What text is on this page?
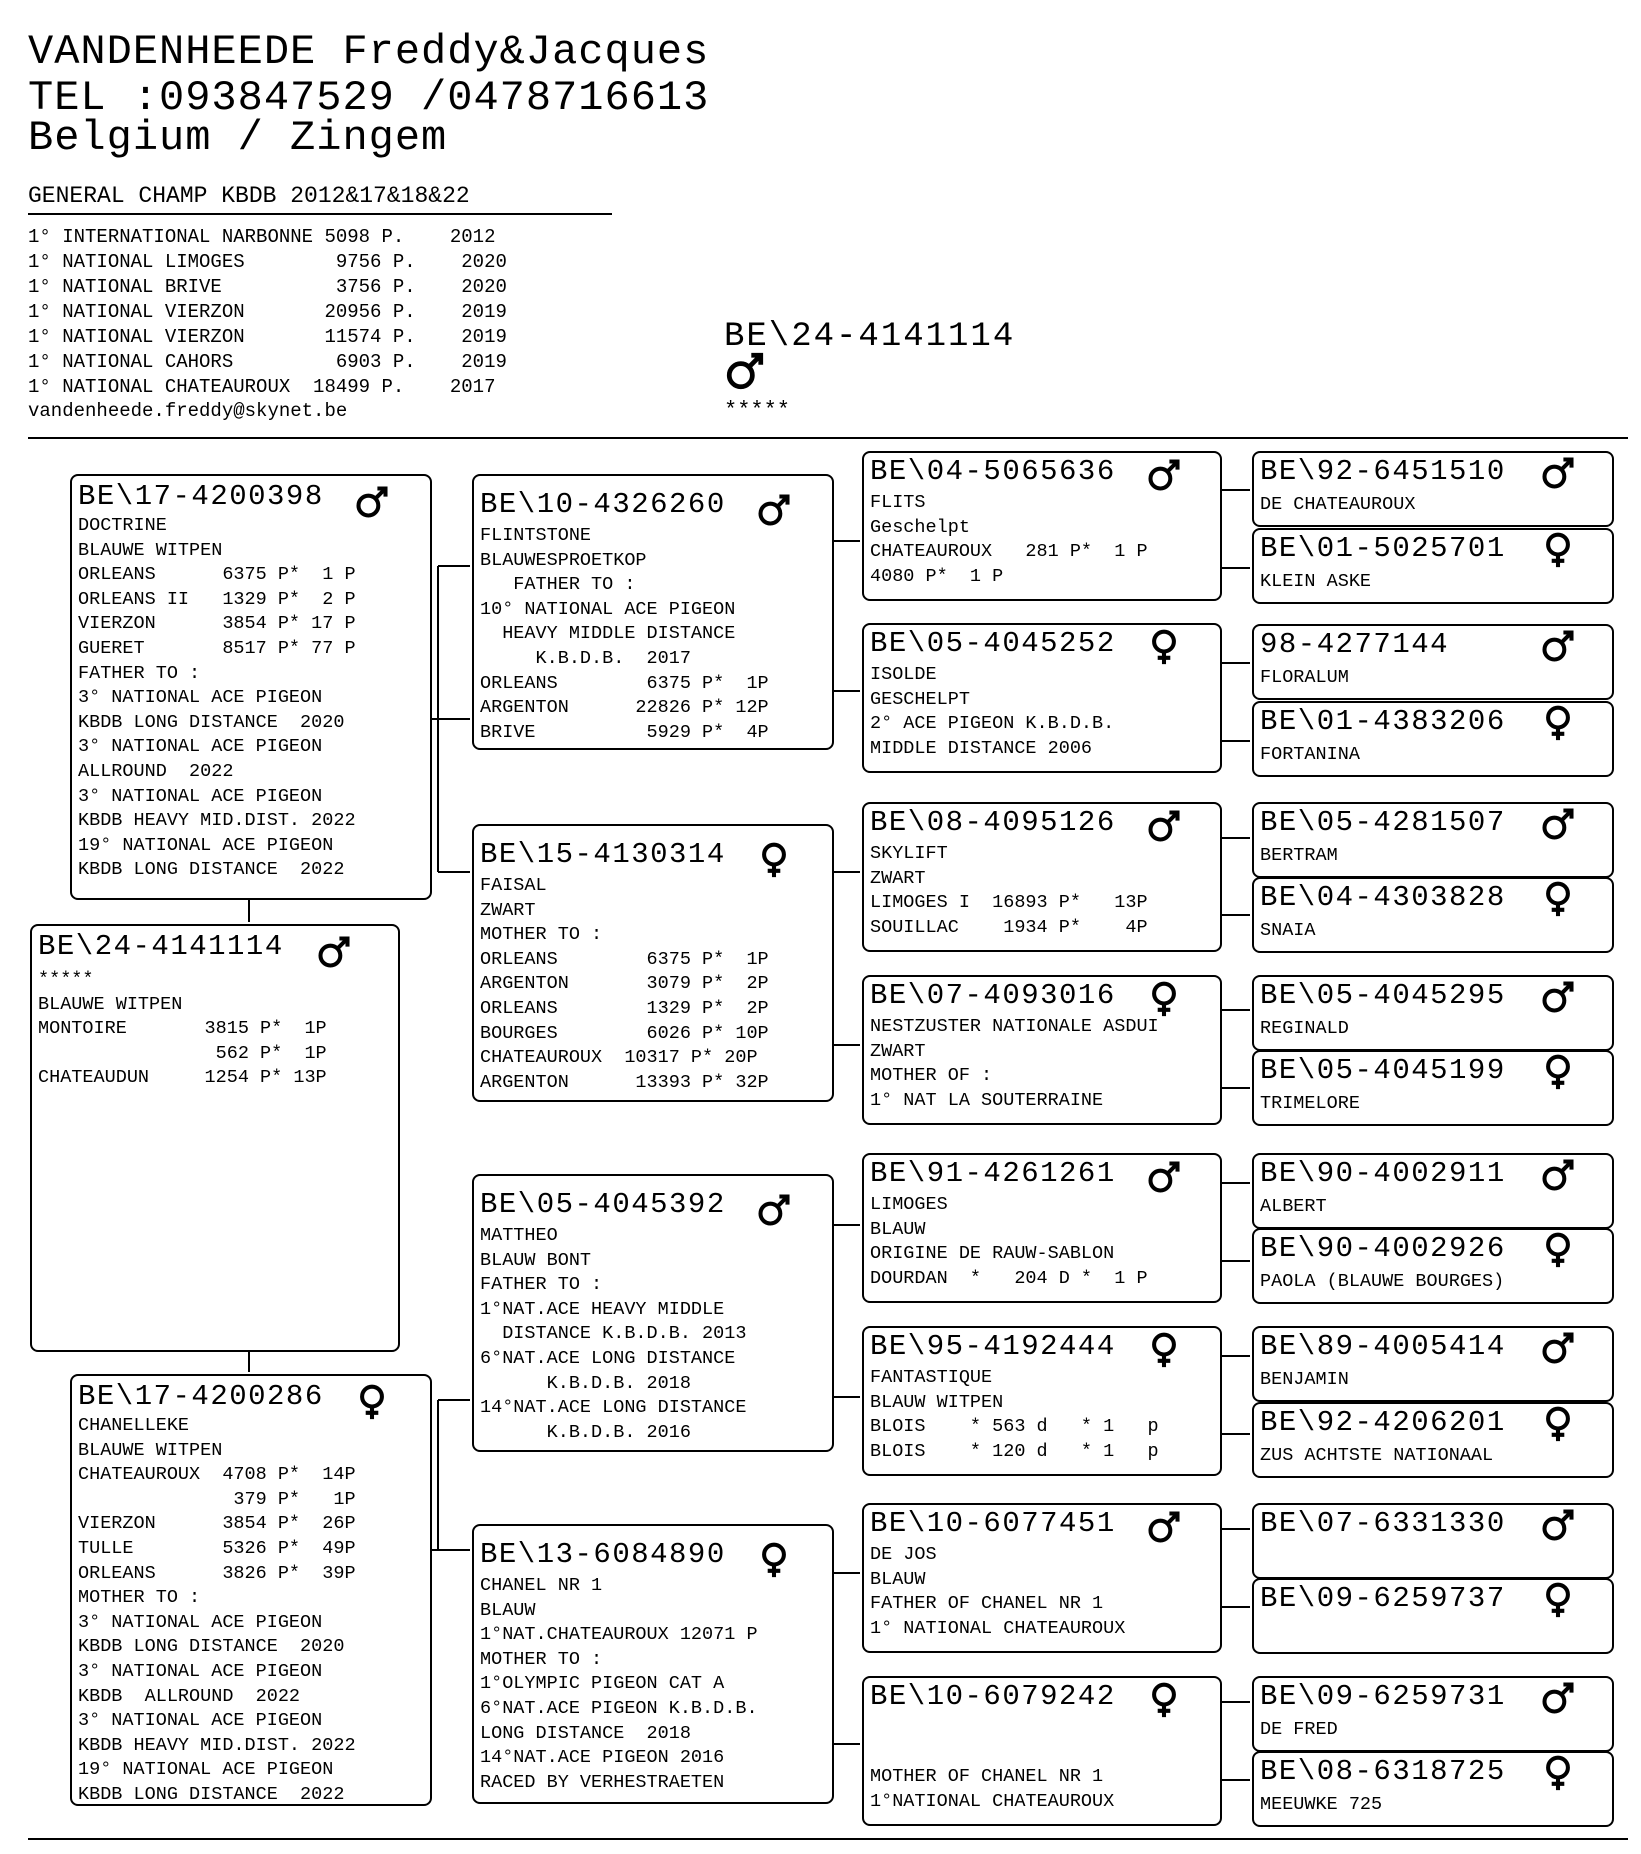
VANDENHEEDE Freddy&Jacques
TEL :093847529 /0478716613
Belgium / Zingem
GENERAL CHAMP KBDB 2012&17&18&22
1° INTERNATIONAL NARBONNE 5098 P.    2012
1° NATIONAL LIMOGES        9756 P.    2020
1° NATIONAL BRIVE          3756 P.    2020
1° NATIONAL VIERZON       20956 P.    2019
1° NATIONAL VIERZON       11574 P.    2019
1° NATIONAL CAHORS         6903 P.    2019
1° NATIONAL CHATEAUROUX  18499 P.    2017
vandenheede.freddy@skynet.be
BE\24-4141114
*****
BE\24-4141114
*****
BLAUWE WITPEN
MONTOIRE       3815 P*  1P
562 P*  1P
CHATEAUDUN     1254 P* 13P
BE\17-4200398
DOCTRINE
BLAUWE WITPEN
ORLEANS      6375 P*  1 P
ORLEANS II   1329 P*  2 P
VIERZON      3854 P* 17 P
GUERET       8517 P* 77 P
FATHER TO :
3° NATIONAL ACE PIGEON
KBDB LONG DISTANCE  2020
3° NATIONAL ACE PIGEON
ALLROUND  2022
3° NATIONAL ACE PIGEON
KBDB HEAVY MID.DIST. 2022
19° NATIONAL ACE PIGEON
KBDB LONG DISTANCE  2022
BE\17-4200286
CHANELLEKE
BLAUWE WITPEN
CHATEAUROUX  4708 P*  14P
379 P*   1P
VIERZON      3854 P*  26P
TULLE        5326 P*  49P
ORLEANS      3826 P*  39P
MOTHER TO :
3° NATIONAL ACE PIGEON
KBDB LONG DISTANCE  2020
3° NATIONAL ACE PIGEON
KBDB  ALLROUND  2022
3° NATIONAL ACE PIGEON
KBDB HEAVY MID.DIST. 2022
19° NATIONAL ACE PIGEON
KBDB LONG DISTANCE  2022
BE\10-4326260
FLINTSTONE
BLAUWESPROETKOP
FATHER TO :
10° NATIONAL ACE PIGEON
HEAVY MIDDLE DISTANCE
K.B.D.B.  2017
ORLEANS        6375 P*  1P
ARGENTON      22826 P* 12P
BRIVE          5929 P*  4P
BE\15-4130314
FAISAL
ZWART
MOTHER TO :
ORLEANS        6375 P*  1P
ARGENTON       3079 P*  2P
ORLEANS        1329 P*  2P
BOURGES        6026 P* 10P
CHATEAUROUX  10317 P* 20P
ARGENTON      13393 P* 32P
BE\05-4045392
MATTHEO
BLAUW BONT
FATHER TO :
1°NAT.ACE HEAVY MIDDLE
DISTANCE K.B.D.B. 2013
6°NAT.ACE LONG DISTANCE
K.B.D.B. 2018
14°NAT.ACE LONG DISTANCE
K.B.D.B. 2016
BE\13-6084890
CHANEL NR 1
BLAUW
1°NAT.CHATEAUROUX 12071 P
MOTHER TO :
1°OLYMPIC PIGEON CAT A
6°NAT.ACE PIGEON K.B.D.B.
LONG DISTANCE  2018
14°NAT.ACE PIGEON 2016
RACED BY VERHESTRAETEN
BE\04-5065636
FLITS
Geschelpt
CHATEAUROUX   281 P*  1 P
4080 P*  1 P
BE\05-4045252
ISOLDE
GESCHELPT
2° ACE PIGEON K.B.D.B.
MIDDLE DISTANCE 2006
BE\08-4095126
SKYLIFT
ZWART
LIMOGES I  16893 P*   13P
SOUILLAC    1934 P*    4P
BE\07-4093016
NESTZUSTER NATIONALE ASDUI
ZWART
MOTHER OF :
1° NAT LA SOUTERRAINE
BE\91-4261261
LIMOGES
BLAUW
ORIGINE DE RAUW-SABLON
DOURDAN  *   204 D *  1 P
BE\95-4192444
FANTASTIQUE
BLAUW WITPEN
BLOIS    * 563 d   * 1   p
BLOIS    * 120 d   * 1   p
BE\10-6077451
DE JOS
BLAUW
FATHER OF CHANEL NR 1
1° NATIONAL CHATEAUROUX
BE\10-6079242
MOTHER OF CHANEL NR 1
1°NATIONAL CHATEAUROUX
BE\92-6451510
DE CHATEAUROUX
BE\01-5025701
KLEIN ASKE
98-4277144
FLORALUM
BE\01-4383206
FORTANINA
BE\05-4281507
BERTRAM
BE\04-4303828
SNAIA
BE\05-4045295
REGINALD
BE\05-4045199
TRIMELORE
BE\90-4002911
ALBERT
BE\90-4002926
PAOLA (BLAUWE BOURGES)
BE\89-4005414
BENJAMIN
BE\92-4206201
ZUS ACHTSTE NATIONAAL
BE\07-6331330
BE\09-6259737
BE\09-6259731
DE FRED
BE\08-6318725
MEEUWKE 725
